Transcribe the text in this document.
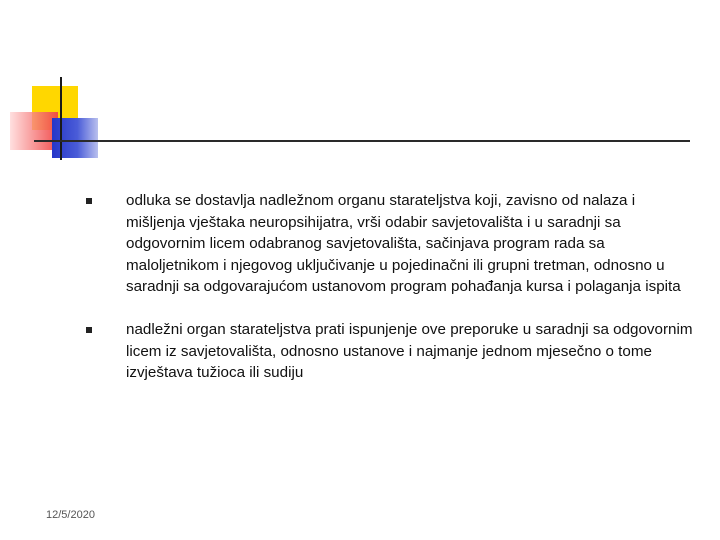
odluka se dostavlja nadležnom organu starateljstva koji, zavisno od nalaza i mišljenja vještaka neuropsihijatra, vrši odabir savjetovališta i u saradnji sa odgovornim licem odabranog savjetovališta, sačinjava program rada sa maloljetnikom i njegovog uključivanje u pojedinačni ili grupni tretman, odnosno u saradnji sa odgovarajućom ustanovom program pohađanja kursa i polaganja ispita
nadležni organ starateljstva prati ispunjenje ove preporuke u saradnji sa odgovornim licem iz savjetovališta, odnosno ustanove i najmanje jednom mjesečno o tome izvještava tužioca ili sudiju
12/5/2020
